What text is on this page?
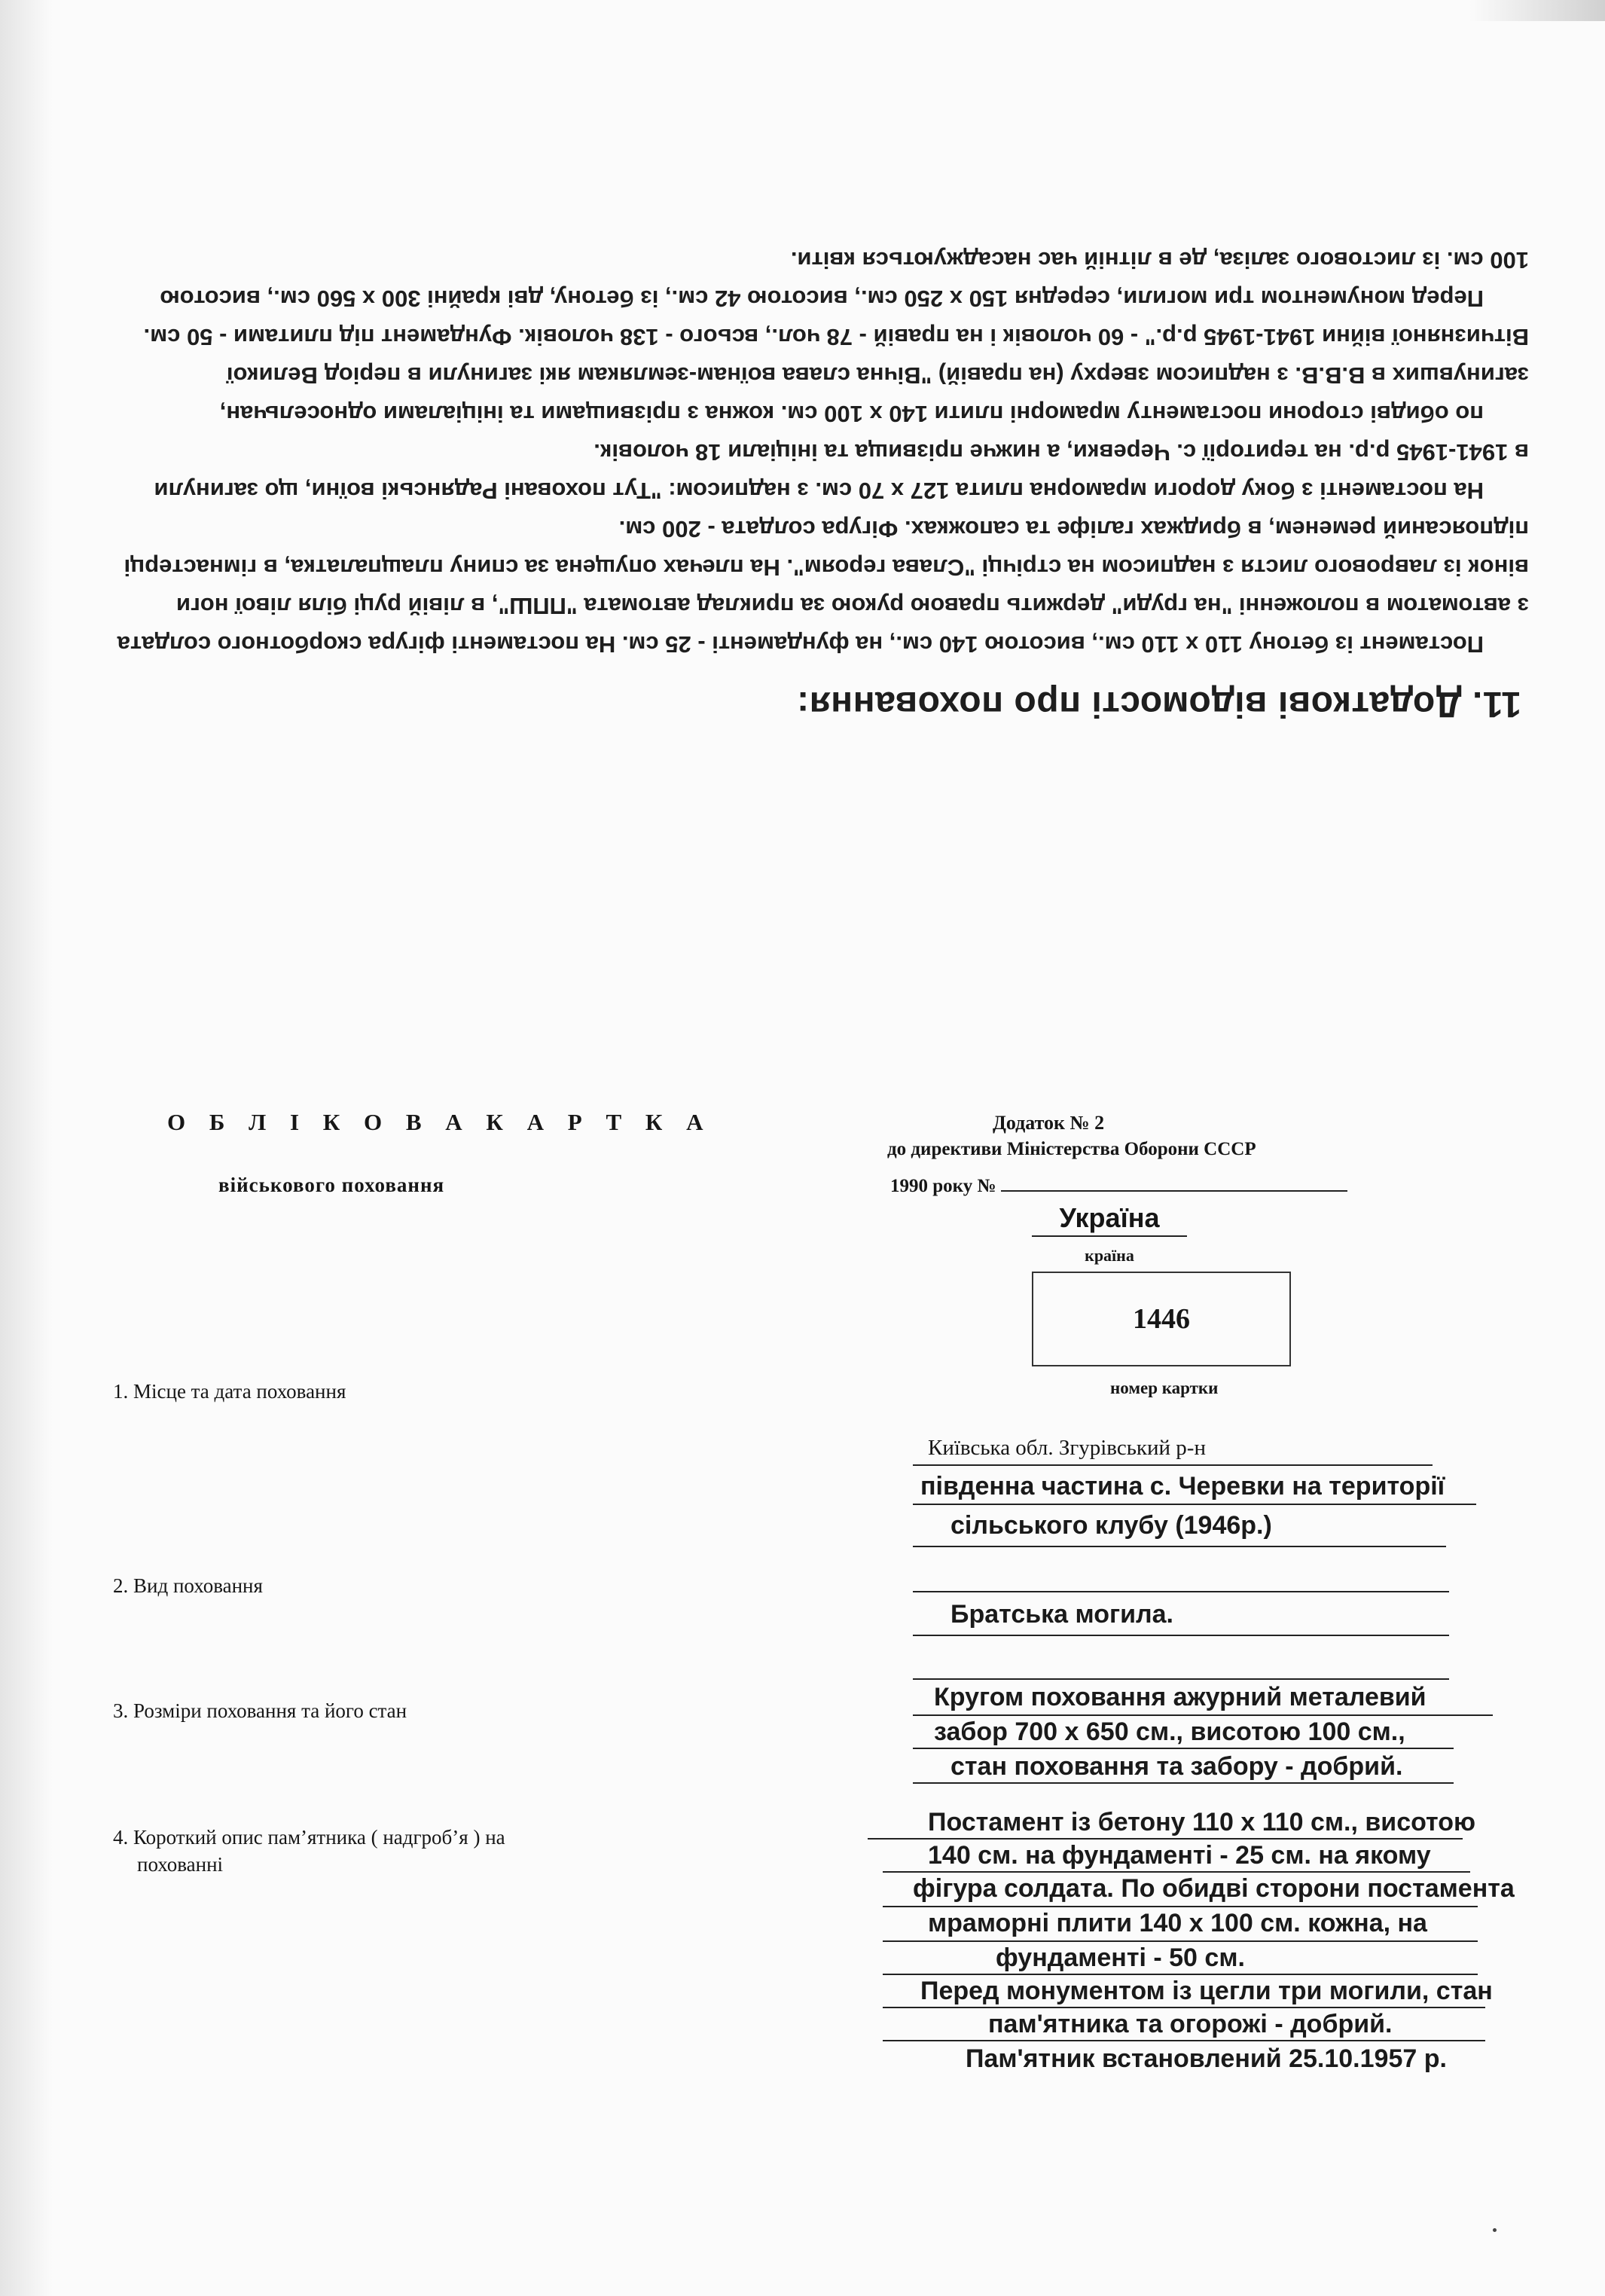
11. Додаткові відомості про поховання:
Постамент із бетону 110 х 110 см., висотою 140 см., на фундаменті - 25 см. На постаменті фігура скорботного солдата
з автоматом в положенні "на груди" держить правою рукою за приклад автомата "ППШ", в лівій руці біля лівої ноги
вінок із лаврового листя з надписом на стрічці "Слава героям". На плечах опущена за спину плащпалатка, в гімнастерці
підпоясаний ременем, в бриджах галіфе та сапожках. Фігура солдата - 200 см.
На постаменті з боку дороги мраморна плита 127 х 70 см. з надписом: "Тут поховані Радянські воїни, що загинули
в 1941-1945 р.р. на території с. Черевки, а нижче прізвища та ініціали 18 чоловік.
по обидві сторони постаменту мраморні плити 140 х 100 см. кожна з прізвищами та ініціалами односельчан,
загинувших в В.В.В. з надписом зверху (на правій) "Вічна слава воїнам-землякам які загинули в період Великої
Вітчизняної війни 1941-1945 р.р." - 60 чоловік і на правій - 78 чол., всього - 138 чоловік. Фундамент під плитами - 50 см.
Перед монументом три могили, середня 150 х 250 см., висотою 42 см., із бетону, дві крайні 300 х 560 см., висотою
100 см. із листового заліза, де в літній час насаджуються квіти.
О Б Л І К О В А К А Р Т К А
військового поховання
Додаток № 2
до директиви Міністерства Оборони СССР
1990 року №
Україна
країна
1446
номер картки
1. Місце та дата поховання
Київська обл. Згурівський р-н
південна частина с. Черевки на території
сільського клубу (1946р.)
2. Вид поховання
Братська могила.
3. Розміри поховання та його стан	Кругом поховання ажурний металевий
забор 700 х 650 см., висотою 100 см.,
стан поховання та забору - добрий.
4. Короткий опис пам’ятника ( надгроб’я ) на
похованні
Постамент із бетону 110 х 110 см., висотою
140 см. на фундаменті - 25 см. на якому
фігура солдата. По обидві сторони постамента
мраморні плити 140 х 100 см. кожна, на
фундаменті - 50 см.
Перед монументом із цегли три могили, стан
пам'ятника та огорожі - добрий.
Пам'ятник встановлений 25.10.1957 р.
